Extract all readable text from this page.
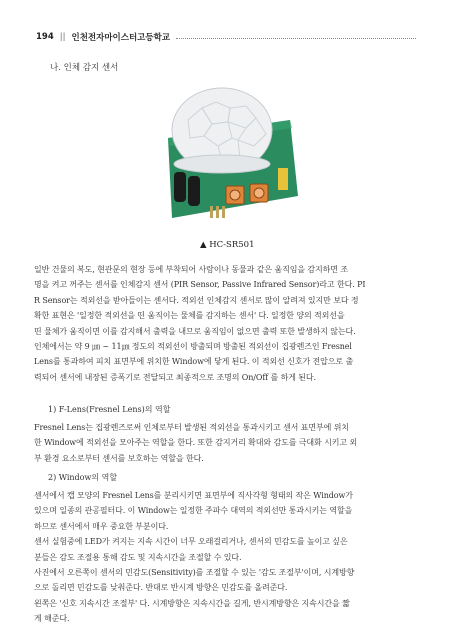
194 || 인천전자마이스터고등학교
나. 인체 감지 센서
▲ HC-SR501

일반 건물의 복도, 현관문의 현장 등에 부착되어 사람이나 동물과 같은 움직임을 감지하면 조

명을 켜고 꺼주는 센서를 인체감지 센서 (PIR Sensor, Passive Infrared Sensor)라고 한다. PI

R Sensor는 적외선을 받아들이는 센서다. 적외선 인체감지 센서로 많이 알려져 있지만 보다 정

확한 표현은 '일정한 적외선을 띤 움직이는 물체를 감지하는 센서' 다. 일정한 양의 적외선을

띤 물체가 움직이면 이를 감지해서 출력을 내므로 움직임이 없으면 출력 또한 발생하지 않는다.

인체에서는 약 9 ㎛ ~ 11㎛ 정도의 적외선이 방출되며 방출된 적외선이 집광렌즈인 Fresnel

Lens를 통과하여 피치 표면부에 위치한 Window에 닿게 된다. 이 적외선 신호가 전압으로 출

력되어 센서에 내장된 증폭기로 전달되고 최종적으로 조명의 On/Off 를 하게 된다.

1) F-Lens(Fresnel Lens)의 역할

Fresnel Lens는 집광렌즈로써 인체로부터 발생된 적외선을 통과시키고 센서 표면부에 위치

한 Window에 적외선을 모아주는 역할을 한다. 또한 감지거리 확대와 감도를 극대화 시키고 외

부 환경 요소로부터 센서를 보호하는 역할을 한다.

2) Window의 역할

센서에서 캡 모양의 Fresnel Lens를 분리시키면 표면부에 직사각형 형태의 작은 Window가

있으며 일종의 관공필터다. 이 Window는 일정한 주파수 대역의 적외선만 통과시키는 역할을

하므로 센서에서 매우 중요한 부분이다.

센서 실험중에 LED가 켜지는 지속 시간이 너무 오래걸리거나, 센서의 민감도를 높이고 싶은

분들은 감도 조절용 통해 감도 및 지속시간을 조절할 수 있다.

사진에서 오른쪽이 센서의 민감도(Sensitivity)를 조절할 수 있는 '감도 조절부'이며, 시계방향

으로 돌리면 민감도를 낮춰준다. 반대로 반시계 방향은 민감도를 올려준다.

왼쪽은 '신호 지속시간 조절부' 다. 시계방향은 지속시간을 길게, 반시계방향은 지속시간을 짧

게 해준다.
